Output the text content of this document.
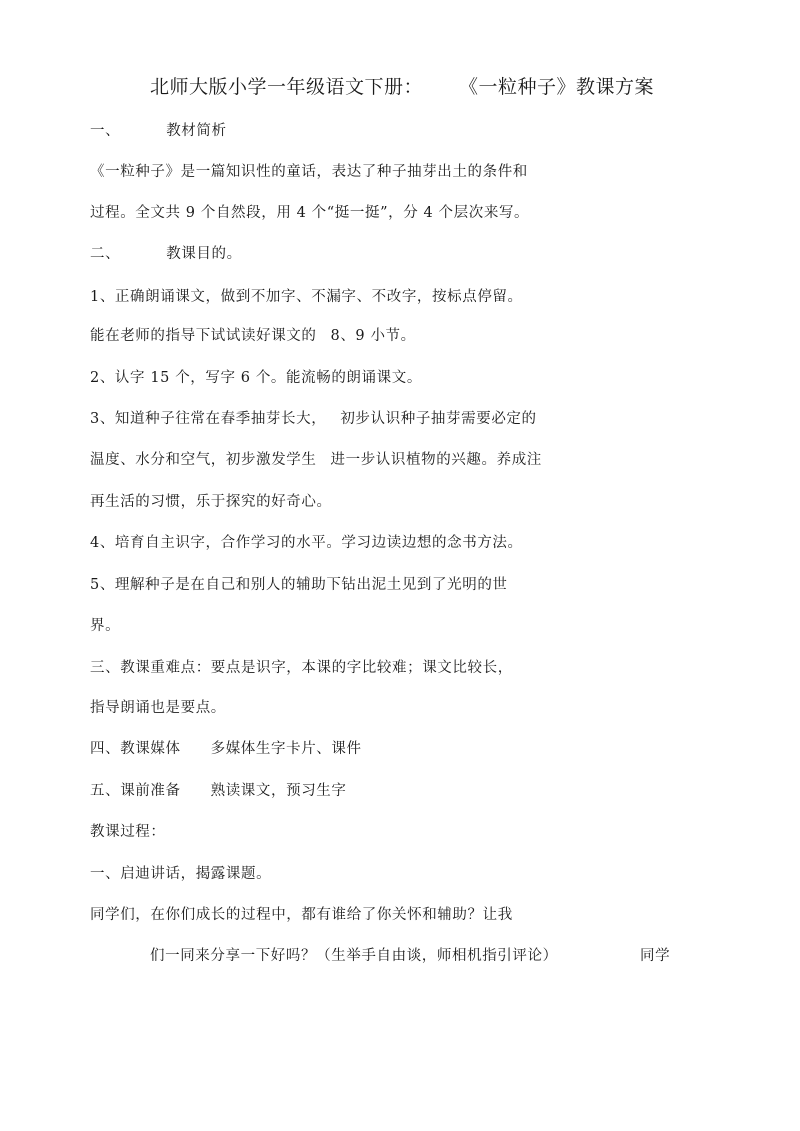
北师大版小学一年级语文下册： 《一粒种子》教课方案
一、	教材简析
《一粒种子》是一篇知识性的童话，表达了种子抽芽出土的条件和
过程。全文共 9 个自然段，用 4 个“挺一挺”，分 4 个层次来写。
二、	教课目的。
1、正确朗诵课文，做到不加字、不漏字、不改字，按标点停留。
能在老师的指导下试试读好课文的 8、9 小节。
2、认字 15 个，写字 6 个。能流畅的朗诵课文。
3、知道种子往常在春季抽芽长大， 初步认识种子抽芽需要必定的
温度、水分和空气，初步激发学生 进一步认识植物的兴趣。养成注
再生活的习惯，乐于探究的好奇心。
4、培育自主识字，合作学习的水平。学习边读边想的念书方法。
5、理解种子是在自己和别人的辅助下钻出泥土见到了光明的世
界。
三、教课重难点：要点是识字，本课的字比较难；课文比较长，
指导朗诵也是要点。
四、教课媒体 多媒体生字卡片、课件
五、课前准备 熟读课文，预习生字
教课过程：
一、启迪讲话，揭露课题。
同学们，在你们成长的过程中，都有谁给了你关怀和辅助？让我
们一同来分享一下好吗？（生举手自由谈，师相机指引评论）	同学
